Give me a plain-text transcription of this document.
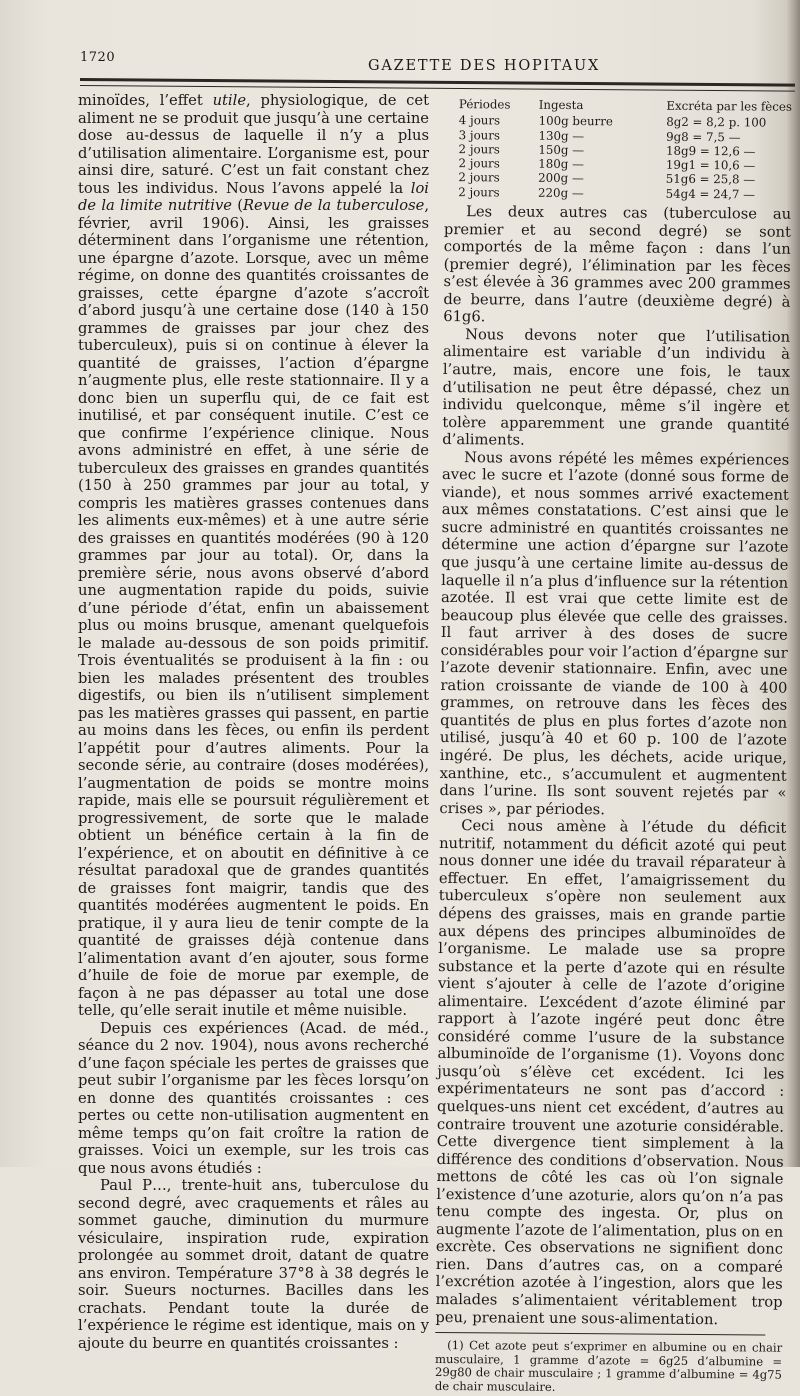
1720
GAZETTE DES HOPITAUX

minoïdes, l’effet utile, physiologique, de cet aliment ne se produit que jusqu’à une certaine dose au-dessus de laquelle il n’y a plus d’utilisation alimentaire. L’organisme est, pour ainsi dire, saturé. C’est un fait constant chez tous les individus. Nous l’avons appelé la loi de la limite nutritive (Revue de la tuberculose, février, avril 1906). Ainsi, les graisses déterminent dans l’organisme une rétention, une épargne d’azote. Lorsque, avec un même régime, on donne des quantités croissantes de graisses, cette épargne d’azote s’accroît d’abord jusqu’à une certaine dose (140 à 150 grammes de graisses par jour chez des tuberculeux), puis si on continue à élever la quantité de graisses, l’action d’épargne n’augmente plus, elle reste stationnaire. Il y a donc bien un superflu qui, de ce fait est inutilisé, et par conséquent inutile. C’est ce que confirme l’expérience clinique. Nous avons administré en effet, à une série de tuberculeux des graisses en grandes quantités (150 à 250 grammes par jour au total, y compris les matières grasses contenues dans les aliments eux-mêmes) et à une autre série des graisses en quantités modérées (90 à 120 grammes par jour au total). Or, dans la première série, nous avons observé d’abord une augmentation rapide du poids, suivie d’une période d’état, enfin un abaissement plus ou moins brusque, amenant quelquefois le malade au-dessous de son poids primitif. Trois éventualités se produisent à la fin : ou bien les malades présentent des troubles digestifs, ou bien ils n’utilisent simplement pas les matières grasses qui passent, en partie au moins dans les fèces, ou enfin ils perdent l’appétit pour d’autres aliments. Pour la seconde série, au contraire (doses modérées), l’augmentation de poids se montre moins rapide, mais elle se poursuit régulièrement et progressivement, de sorte que le malade obtient un bénéfice certain à la fin de l’expérience, et on aboutit en définitive à ce résultat paradoxal que de grandes quantités de graisses font maigrir, tandis que des quantités modérées augmentent le poids. En pratique, il y aura lieu de tenir compte de la quantité de graisses déjà contenue dans l’alimentation avant d’en ajouter, sous forme d’huile de foie de morue par exemple, de façon à ne pas dépasser au total une dose telle, qu’elle serait inutile et même nuisible.

Depuis ces expériences (Acad. de méd., séance du 2 nov. 1904), nous avons recherché d’une façon spéciale les pertes de graisses que peut subir l’organisme par les fèces lorsqu’on en donne des quantités croissantes : ces pertes ou cette non-utilisation augmentent en même temps qu’on fait croître la ration de graisses. Voici un exemple, sur les trois cas que nous avons étudiés :

Paul P…, trente-huit ans, tuberculose du second degré, avec craquements et râles au sommet gauche, diminution du murmure vésiculaire, inspiration rude, expiration prolongée au sommet droit, datant de quatre ans environ. Température 37°8 à 38 degrés le soir. Sueurs nocturnes. Bacilles dans les crachats. Pendant toute la durée de l’expérience le régime est identique, mais on y ajoute du beurre en quantités croissantes :

Périodes	Ingesta	Excréta par les fèces
4 jours	100g beurre	8g2 = 8,2 p. 100
3 jours	130g —	9g8 = 7,5 —
2 jours	150g —	18g9 = 12,6 —
2 jours	180g —	19g1 = 10,6 —
2 jours	200g —	51g6 = 25,8 —
2 jours	220g —	54g4 = 24,7 —

Les deux autres cas (tuberculose au premier et au second degré) se sont comportés de la même façon : dans l’un (premier degré), l’élimination par les fèces s’est élevée à 36 grammes avec 200 grammes de beurre, dans l’autre (deuxième degré) à 61g6.

Nous devons noter que l’utilisation alimentaire est variable d’un individu à l’autre, mais, encore une fois, le taux d’utilisation ne peut être dépassé, chez un individu quelconque, même s’il ingère et tolère apparemment une grande quantité d’aliments.

Nous avons répété les mêmes expériences avec le sucre et l’azote (donné sous forme de viande), et nous sommes arrivé exactement aux mêmes constatations. C’est ainsi que le sucre administré en quantités croissantes ne détermine une action d’épargne sur l’azote que jusqu’à une certaine limite au-dessus de laquelle il n’a plus d’influence sur la rétention azotée. Il est vrai que cette limite est de beaucoup plus élevée que celle des graisses. Il faut arriver à des doses de sucre considérables pour voir l’action d’épargne sur l’azote devenir stationnaire. Enfin, avec une ration croissante de viande de 100 à 400 grammes, on retrouve dans les fèces des quantités de plus en plus fortes d’azote non utilisé, jusqu’à 40 et 60 p. 100 de l’azote ingéré. De plus, les déchets, acide urique, xanthine, etc., s’accumulent et augmentent dans l’urine. Ils sont souvent rejetés par « crises », par périodes.

Ceci nous amène à l’étude du déficit nutritif, notamment du déficit azoté qui peut nous donner une idée du travail réparateur à effectuer. En effet, l’amaigrissement du tuberculeux s’opère non seulement aux dépens des graisses, mais en grande partie aux dépens des principes albuminoïdes de l’organisme. Le malade use sa propre substance et la perte d’azote qui en résulte vient s’ajouter à celle de l’azote d’origine alimentaire. L’excédent d’azote éliminé par rapport à l’azote ingéré peut donc être considéré comme l’usure de la substance albuminoïde de l’organisme (1). Voyons donc jusqu’où s’élève cet excédent. Ici les expérimentateurs ne sont pas d’accord : quelques-uns nient cet excédent, d’autres au contraire trouvent une azoturie considérable. Cette divergence tient simplement à la différence des conditions d’observation. Nous mettons de côté les cas où l’on signale l’existence d’une azoturie, alors qu’on n’a pas tenu compte des ingesta. Or, plus on augmente l’azote de l’alimentation, plus on en excrète. Ces observations ne signifient donc rien. Dans d’autres cas, on a comparé l’excrétion azotée à l’ingestion, alors que les malades s’alimentaient véritablement trop peu, prenaient une sous-alimentation.

(1) Cet azote peut s’exprimer en albumine ou en chair musculaire, 1 gramme d’azote = 6g25 d’albumine = 29g80 de chair musculaire ; 1 gramme d’albumine = 4g75 de chair musculaire.
